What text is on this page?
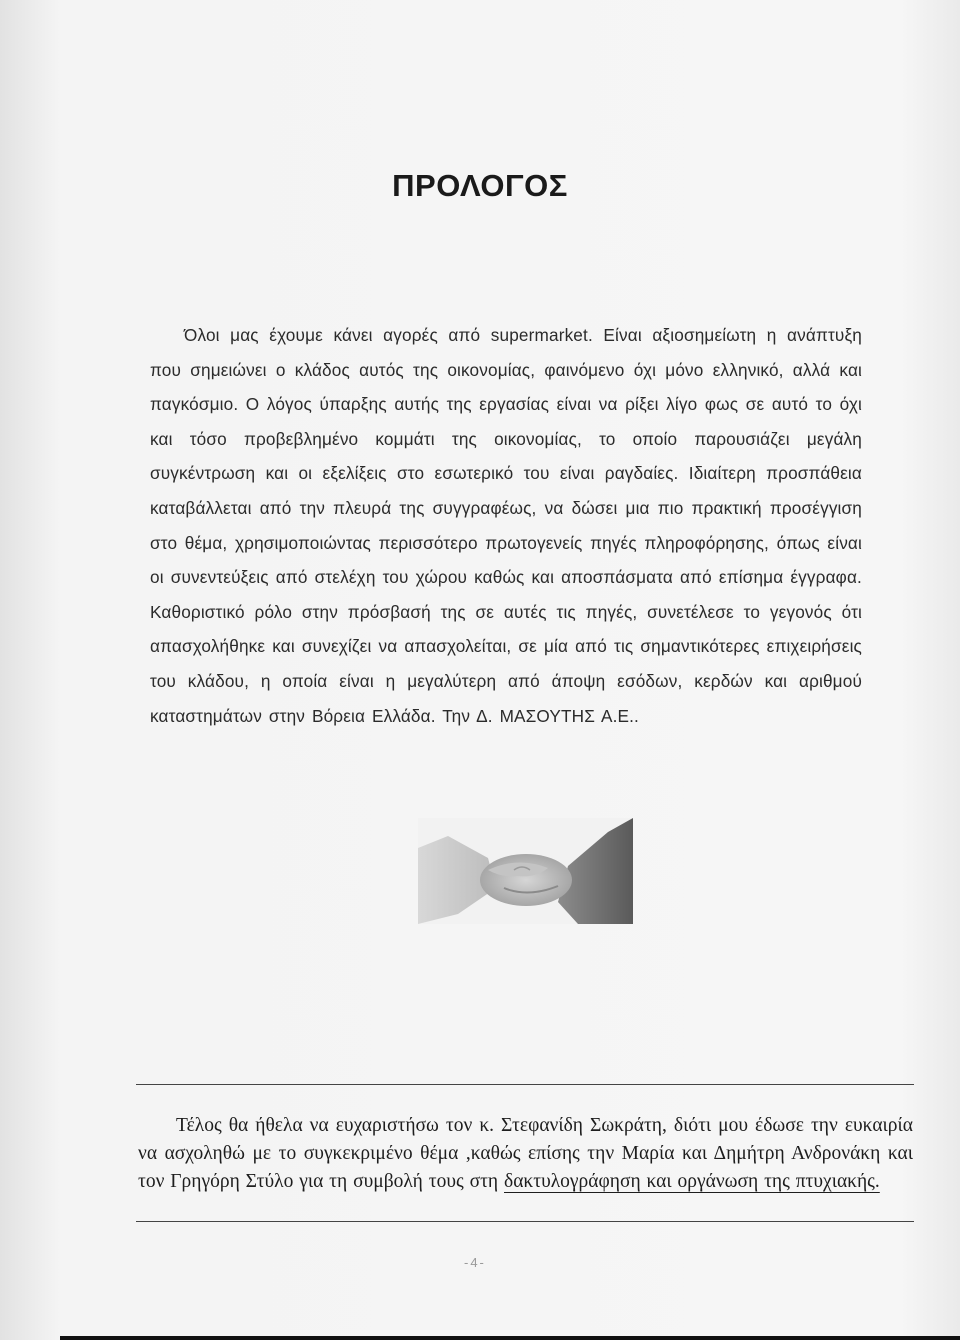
ΠΡΟΛΟΓΟΣ
Όλοι μας έχουμε κάνει αγορές από supermarket. Είναι αξιοσημείωτη η ανάπτυξη που σημειώνει ο κλάδος αυτός της οικονομίας, φαινόμενο όχι μόνο ελληνικό, αλλά και παγκόσμιο. Ο λόγος ύπαρξης αυτής της εργασίας είναι να ρίξει λίγο φως σε αυτό το όχι και τόσο προβεβλημένο κομμάτι της οικονομίας, το οποίο παρουσιάζει μεγάλη συγκέντρωση και οι εξελίξεις στο εσωτερικό του είναι ραγδαίες. Ιδιαίτερη προσπάθεια καταβάλλεται από την πλευρά της συγγραφέως, να δώσει μια πιο πρακτική προσέγγιση στο θέμα, χρησιμοποιώντας περισσότερο πρωτογενείς πηγές πληροφόρησης, όπως είναι οι συνεντεύξεις από στελέχη του χώρου καθώς και αποσπάσματα από επίσημα έγγραφα. Καθοριστικό ρόλο στην πρόσβασή της σε αυτές τις πηγές, συνετέλεσε το γεγονός ότι απασχολήθηκε και συνεχίζει να απασχολείται, σε μία από τις σημαντικότερες επιχειρήσεις του κλάδου, η οποία είναι η μεγαλύτερη από άποψη εσόδων, κερδών και αριθμού καταστημάτων στην Βόρεια Ελλάδα. Την Δ. ΜΑΣΟΥΤΗΣ Α.Ε..
Τέλος θα ήθελα να ευχαριστήσω τον κ. Στεφανίδη Σωκράτη, διότι μου έδωσε την ευκαιρία να ασχοληθώ με το συγκεκριμένο θέμα ,καθώς επίσης την Μαρία και Δημήτρη Ανδρονάκη και τον Γρηγόρη Στύλο για τη συμβολή τους στη δακτυλογράφηση και οργάνωση της πτυχιακής.
-4-
